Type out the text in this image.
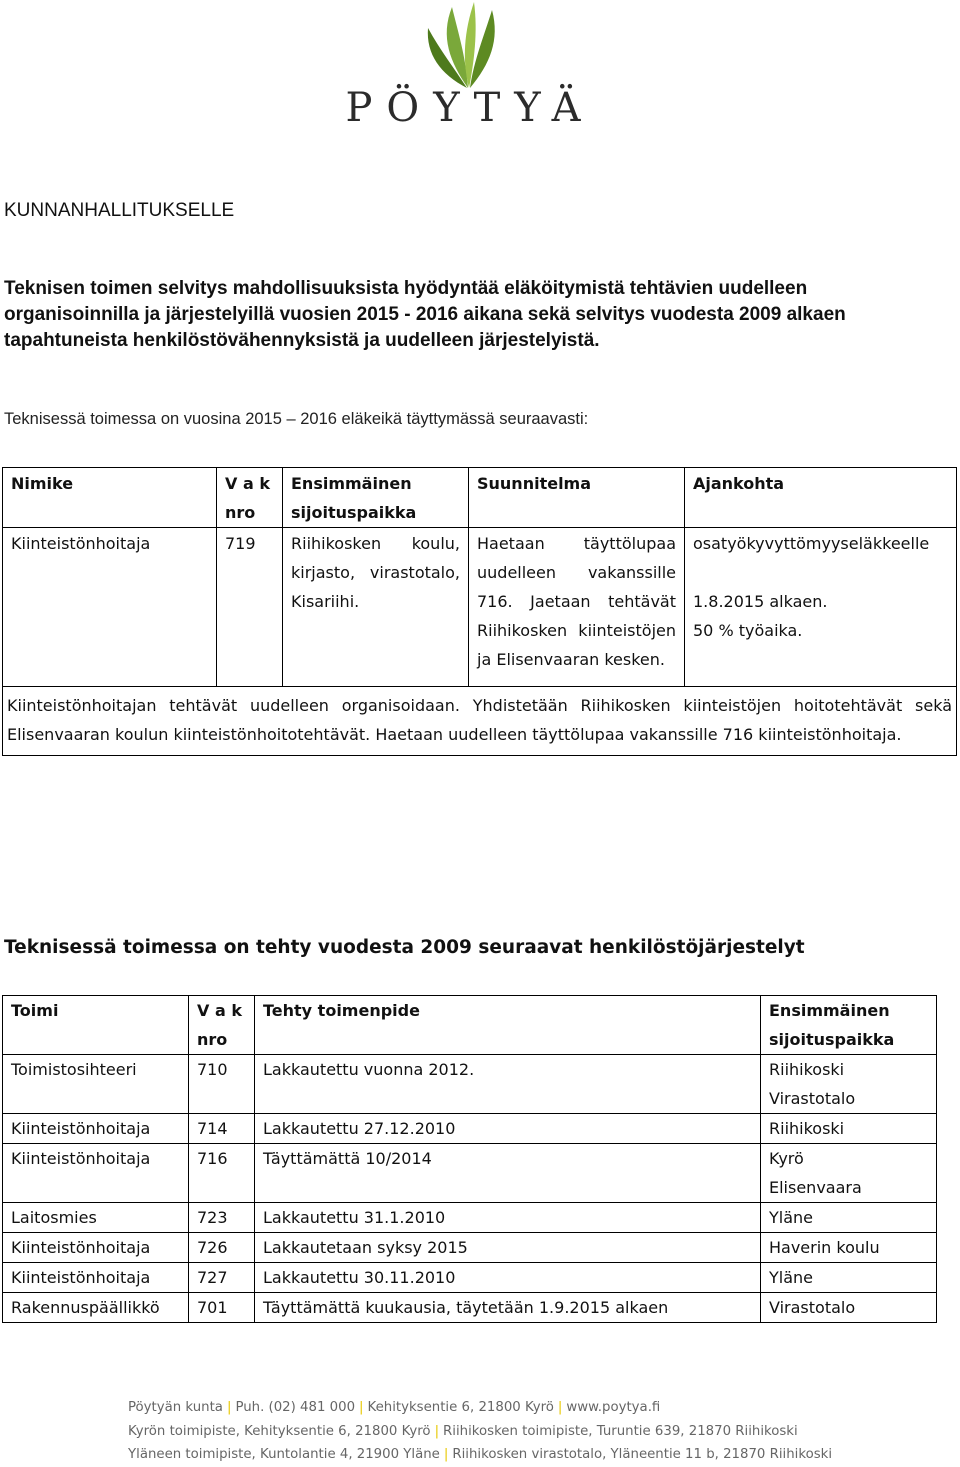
PÖYTYÄ
KUNNANHALLITUKSELLE
Teknisen toimen selvitys mahdollisuuksista hyödyntää eläköitymistä tehtävien uudelleen organisoinnilla ja järjestelyillä vuosien 2015 - 2016 aikana sekä selvitys vuodesta 2009 alkaen tapahtuneista henkilöstövähennyksistä ja uudelleen järjestelyistä.
Teknisessä toimessa on vuosina 2015 – 2016 eläkeikä täyttymässä seuraavasti:
Nimike	V a k nro	Ensimmäinen sijoituspaikka	Suunnitelma	Ajankohta
Kiinteistönhoitaja	719	Riihikosken koulu, kirjasto, virastotalo, Kisariihi.	Haetaan täyttölupaa uudelleen vakanssille 716. Jaetaan tehtävät Riihikosken kiinteistöjen ja Elisenvaaran kesken.	osatyökyvyttömyyseläkkeelle
1.8.2015 alkaen.
50 % työaika.

Kiinteistönhoitajan tehtävät uudelleen organisoidaan. Yhdistetään Riihikosken kiinteistöjen hoitotehtävät sekä Elisenvaaran koulun kiinteistönhoitotehtävät. Haetaan uudelleen täyttölupaa vakanssille 716 kiinteistönhoitaja.				
Teknisessä toimessa on tehty vuodesta 2009 seuraavat henkilöstöjärjestelyt
Toimi	V a k nro	Tehty toimenpide	Ensimmäinen sijoituspaikka
Toimistosihteeri	710	Lakkautettu vuonna 2012.	Riihikoski Virastotalo
Kiinteistönhoitaja	714	Lakkautettu 27.12.2010	Riihikoski
Kiinteistönhoitaja	716	Täyttämättä 10/2014	Kyrö Elisenvaara
Laitosmies	723	Lakkautettu 31.1.2010	Yläne
Kiinteistönhoitaja	726	Lakkautetaan syksy 2015	Haverin koulu
Kiinteistönhoitaja	727	Lakkautettu 30.11.2010	Yläne
Rakennuspäällikkö	701	Täyttämättä kuukausia, täytetään 1.9.2015 alkaen	Virastotalo
Pöytyän kunta | Puh. (02) 481 000 | Kehityksentie 6, 21800 Kyrö | www.poytya.fi
Kyrön toimipiste, Kehityksentie 6, 21800 Kyrö | Riihikosken toimipiste, Turuntie 639, 21870 Riihikoski
Yläneen toimipiste, Kuntolantie 4, 21900 Yläne | Riihikosken virastotalo, Yläneentie 11 b, 21870 Riihikoski
